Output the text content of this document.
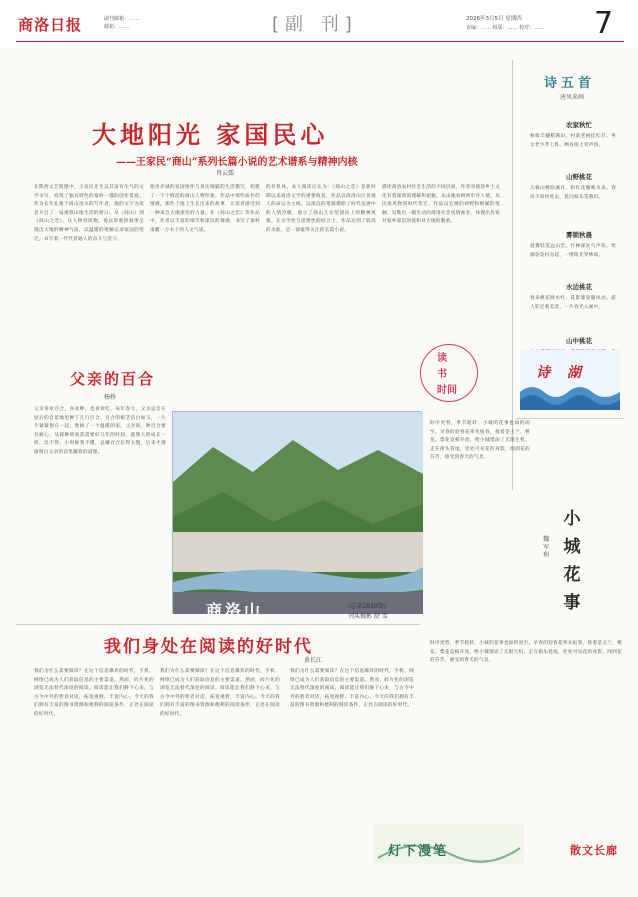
商洛日报	副刊邮箱：……
邮箱：……	[副 刊]	2026年3月5日 星期四
责编：…… 组版：…… 校对：…… 7
大地阳光 家国民心
——王家民“商山”系列长篇小说的艺术谱系与精神内核
肖云儒
在陕西文艺版图中，王家民先生以其富有生气的文学书写，构筑了独具特色的秦岭一郡的创作景观。作为长年扎根于商山洛水的写作者，他的文字为读者开启了一扇观察山地生活的窗口。从《商山》到《商山之恋》，从人物到风物，他以厚重的叙事呈现出大地的精神气质，以温暖的笔触记录家国的变迁，书写着一代代普通人的奋斗与坚守。
他用赤诚的家国情怀与真实细腻的生活描写，构建了一个个鲜活的商山人物形象。作品中那些质朴的情感，那些土地上生长出来的故事，让读者感受到一种来自大地深处的力量。在《商山之恋》等作品中，作者以丰富的细节和深沉的情感，书写了秦岭南麓一方水土的人文气质。
的有机体。本人阅读后认为：《商山之恋》是新时期以来商洛文学的重要收获，作品以商洛山区普通人的命运为主线，以深沉的笔调描绘了时代发展中的人情冷暖，展示了商山儿女坚韧向上的精神风貌。在文学性与思想性的结合上，作品达到了较高的水准，是一部值得关注的长篇小说。
描述商洛农村社会生活的不同层面，作者对商洛乡土文化有着深刻的理解和把握。从山地农耕到市井人情，从民俗风物到时代变迁，作品以宏阔的视野和细腻的笔触，勾勒出一幅生动的商洛社会风情画卷，体现出作家对家乡深沉的爱和对大地的敬重。
诗五首
唐凤来画
农家秋忙
秋收丰穗稻满田，村前老树挂红灯。男女老少齐上阵，晒谷场上笑声扬。
山野桃花
几株山桃临溪开，粉红花瓣映水来。春风不知何处去，犹向枝头等燕归。
雾锁秋晨
晨雾轻笼远山峦，竹林深处鸟声喧。炊烟袅袅村舍起，一缕阳光穿林间。
水边桃花
春来桃花映水红，花影婆娑随风动。游人驻足观美景，一片春光入画中。
山中桃花
读
书
时间
诗 湖
父亲的百合
杨桥
父亲喜欢百合，喜欢种，也喜欢吃。每年春天，父亲总会在屋后的自留地里种下几行百合。百合的根茎洁白如玉，一片片紧紧抱在一起，像极了一个温暖的家。父亲说，种百合要有耐心，从栽种到收获需要好几年的时间，就像人的成长一样，急不得。小时候我不懂，总嫌百合长得太慢，后来才渐渐明白父亲的话里藏着的道理。
商洛山	(总第2849期)
刊头摄影 舒 雪
小城花事
魏军利
时序更替，季节轮转，小城的花事也如约而至。早春的迎春花率先报春，接着是玉兰、桃花、梨花竞相开放，给小城增添了无限生机。走在街头巷尾，处处可见花的身影，闻到花的芬芳，感受到春天的气息。
时序更替，季节轮转，小城的花事也如约而至。早春的迎春花率先报春，接着是玉兰、桃花、梨花竞相开放，给小城增添了无限生机。走在街头巷尾，处处可见花的身影，闻到花的芬芳，感受到春天的气息。
我们身处在阅读的好时代
黄长江
我们为什么需要阅读？在这个信息爆炸的时代，手机、网络已成为人们获取信息的主要渠道。然而，碎片化的浏览无法替代深度的阅读。阅读能让我们静下心来，与古今中外的智者对话，拓宽视野，丰富内心。今天的我们拥有丰富的图书资源和便利的阅读条件，正处在阅读的好时代。
我们为什么需要阅读？在这个信息爆炸的时代，手机、网络已成为人们获取信息的主要渠道。然而，碎片化的浏览无法替代深度的阅读。阅读能让我们静下心来，与古今中外的智者对话，拓宽视野，丰富内心。今天的我们拥有丰富的图书资源和便利的阅读条件，正处在阅读的好时代。
我们为什么需要阅读？在这个信息爆炸的时代，手机、网络已成为人们获取信息的主要渠道。然而，碎片化的浏览无法替代深度的阅读。阅读能让我们静下心来，与古今中外的智者对话，拓宽视野，丰富内心。今天的我们拥有丰富的图书资源和便利的阅读条件，正处在阅读的好时代。
灯下漫笔	散文长廊
